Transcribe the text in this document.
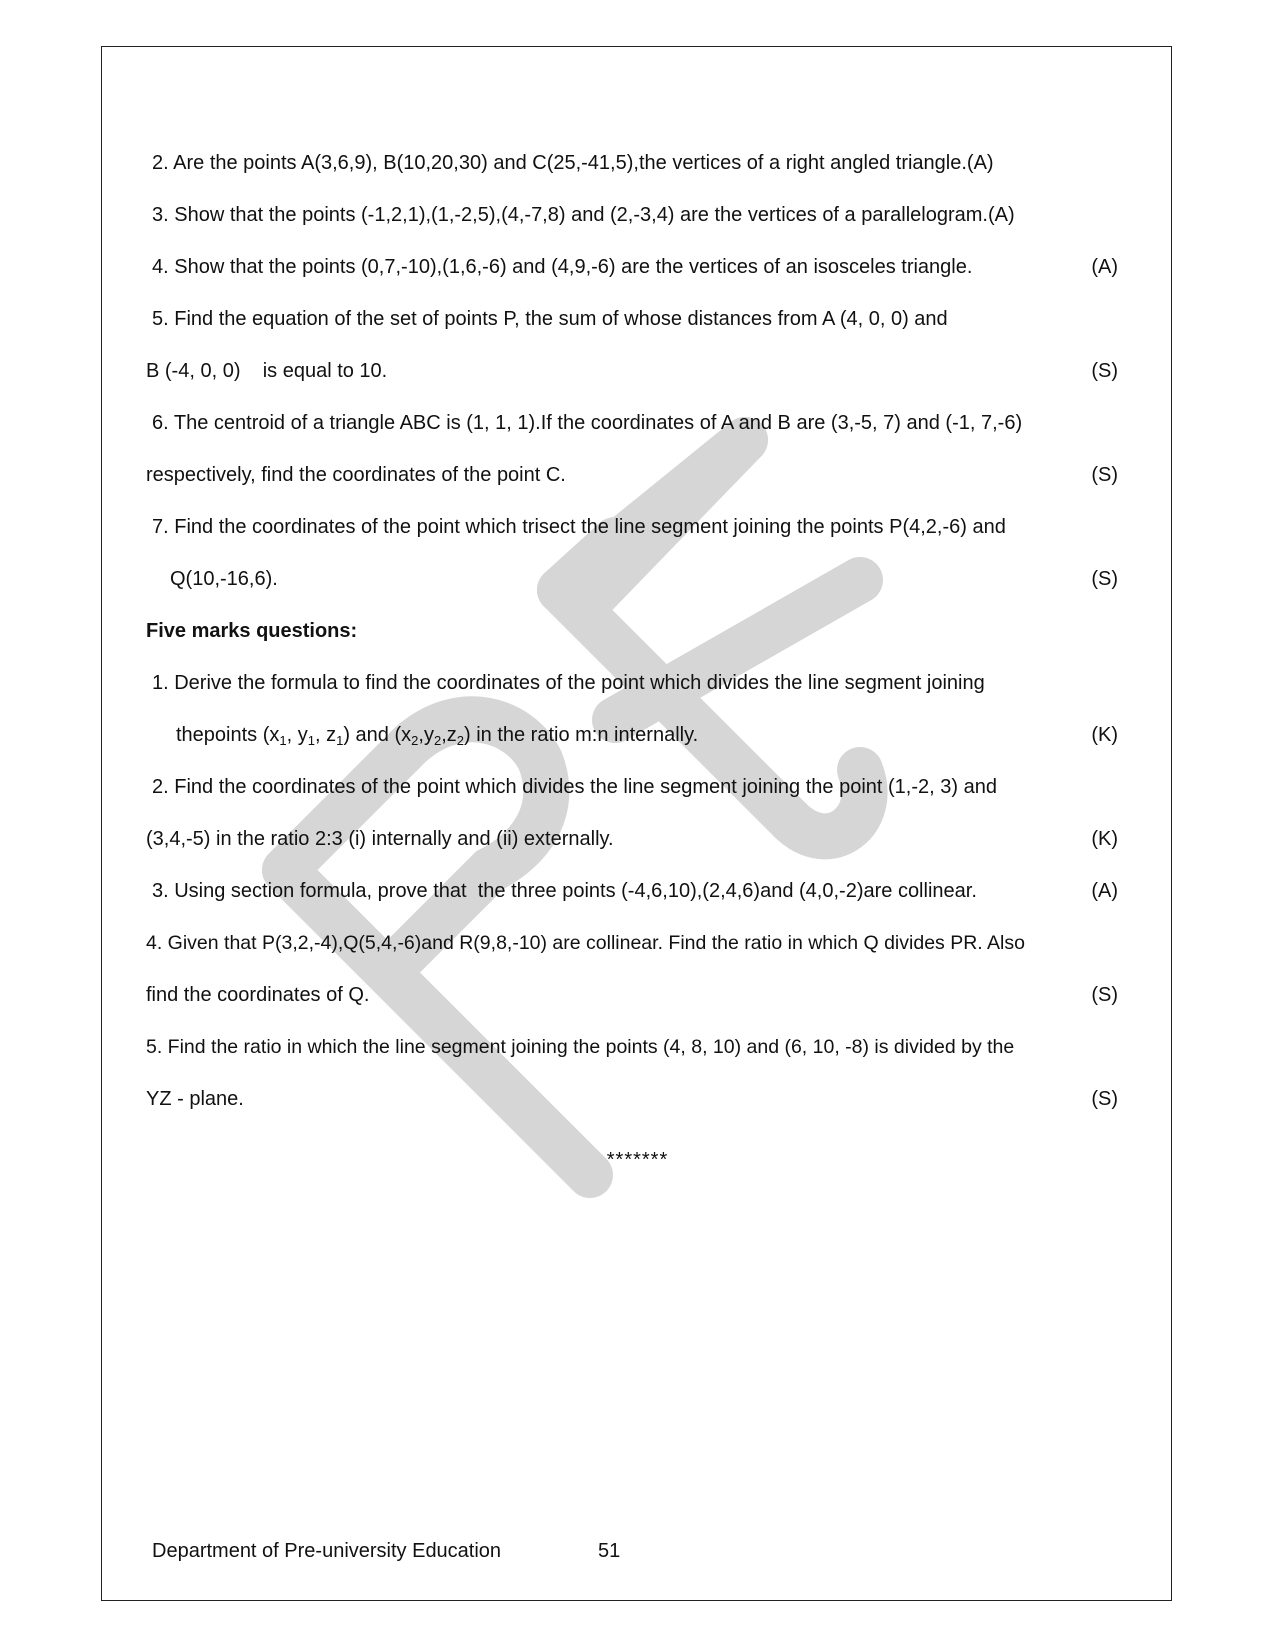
2. Are the points A(3,6,9), B(10,20,30) and C(25,-41,5),the vertices of a right angled triangle.(A)
3. Show that the points (-1,2,1),(1,-2,5),(4,-7,8) and (2,-3,4) are the vertices of a parallelogram.(A)
4. Show that the points (0,7,-10),(1,6,-6) and (4,9,-6) are the vertices of an isosceles triangle.	(A)
5. Find the equation of the set of points P, the sum of whose distances from A (4, 0, 0) and
B (-4, 0, 0)    is equal to 10.	(S)
6. The centroid of a triangle ABC is (1, 1, 1).If the coordinates of A and B are (3,-5, 7) and (-1, 7,-6)
respectively, find the coordinates of the point C.	(S)
7. Find the coordinates of the point which trisect the line segment joining the points P(4,2,-6) and
Q(10,-16,6).	(S)
Five marks questions:
1. Derive the formula to find the coordinates of the point which divides the line segment joining
thepoints ($x_1$, $y_1$, $z_1$) and $(x_2,y_2,z_2)$ in the ratio m:n internally.	(K)
2. Find the coordinates of the point which divides the line segment joining the point (1,-2, 3) and
(3,4,-5) in the ratio 2:3 (i) internally and (ii) externally.	(K)
3. Using section formula, prove that  the three points (-4,6,10),(2,4,6)and (4,0,-2)are collinear.	(A)
4. Given that P(3,2,-4),Q(5,4,-6)and R(9,8,-10) are collinear. Find the ratio in which Q divides PR. Also
find the coordinates of Q.	(S)
5. Find the ratio in which the line segment joining the points (4, 8, 10) and (6, 10, -8) is divided by the
YZ - plane.	(S)
*******
Department of Pre-university Education	51
